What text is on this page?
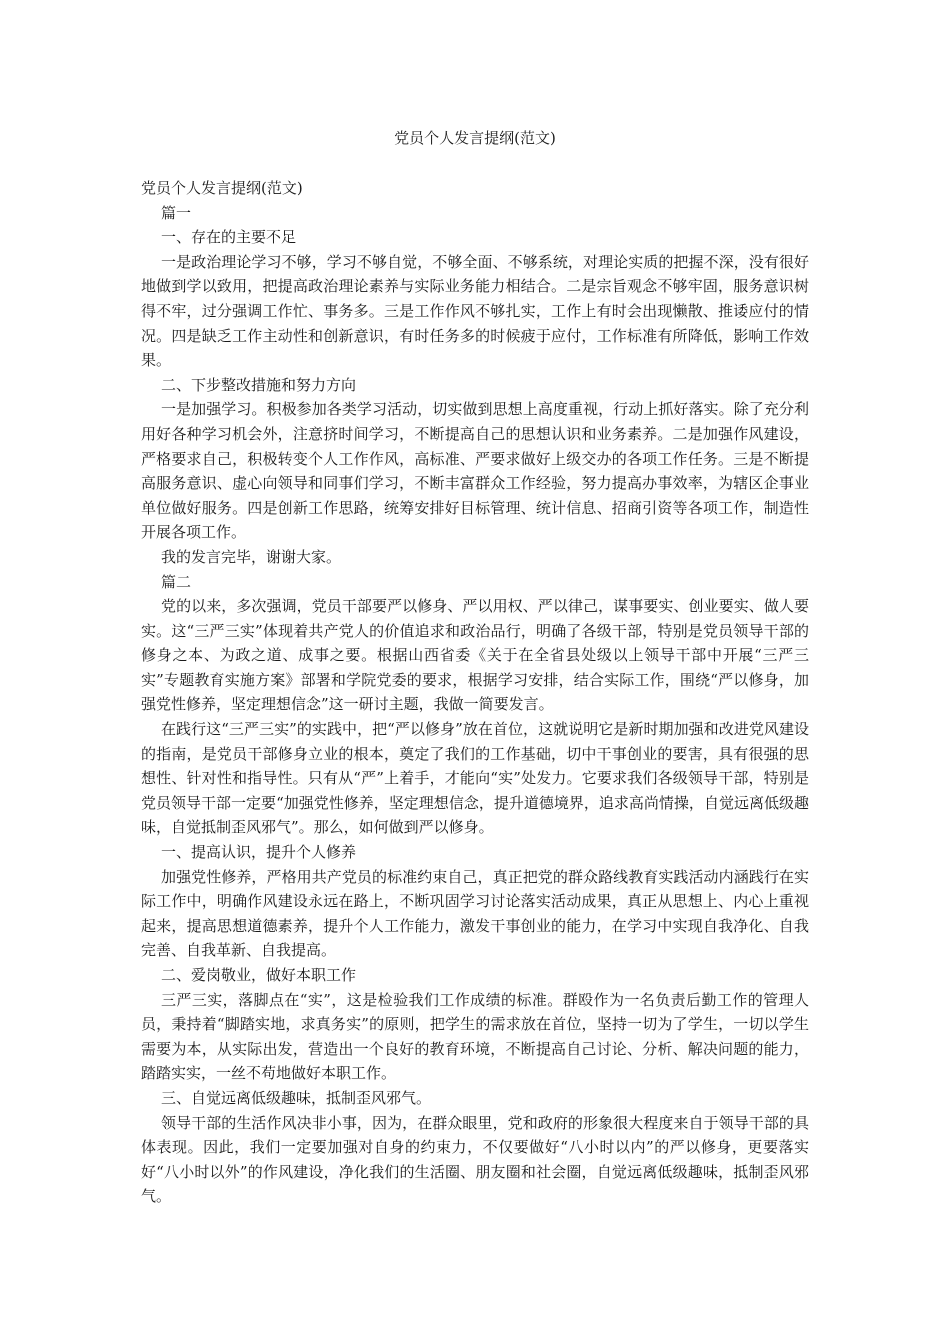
党员个人发言提纲(范文)

党员个人发言提纲(范文)

篇一

一、存在的主要不足

一是政治理论学习不够，学习不够自觉，不够全面、不够系统，对理论实质的把握不深，没有很好地做到学以致用，把提高政治理论素养与实际业务能力相结合。二是宗旨观念不够牢固，服务意识树得不牢，过分强调工作忙、事务多。三是工作作风不够扎实，工作上有时会出现懒散、推诿应付的情况。四是缺乏工作主动性和创新意识，有时任务多的时候疲于应付，工作标准有所降低，影响工作效果。

二、下步整改措施和努力方向

一是加强学习。积极参加各类学习活动，切实做到思想上高度重视，行动上抓好落实。除了充分利用好各种学习机会外，注意挤时间学习，不断提高自己的思想认识和业务素养。二是加强作风建设，严格要求自己，积极转变个人工作作风，高标准、严要求做好上级交办的各项工作任务。三是不断提高服务意识、虚心向领导和同事们学习，不断丰富群众工作经验，努力提高办事效率，为辖区企事业单位做好服务。四是创新工作思路，统筹安排好目标管理、统计信息、招商引资等各项工作，制造性开展各项工作。

我的发言完毕，谢谢大家。

篇二

党的以来，多次强调，党员干部要严以修身、严以用权、严以律己，谋事要实、创业要实、做人要实。这“三严三实”体现着共产党人的价值追求和政治品行，明确了各级干部，特别是党员领导干部的修身之本、为政之道、成事之要。根据山西省委《关于在全省县处级以上领导干部中开展“三严三实”专题教育实施方案》部署和学院党委的要求，根据学习安排，结合实际工作，围绕“严以修身，加强党性修养，坚定理想信念”这一研讨主题，我做一简要发言。

在践行这“三严三实”的实践中，把“严以修身”放在首位，这就说明它是新时期加强和改进党风建设的指南，是党员干部修身立业的根本，奠定了我们的工作基础，切中干事创业的要害，具有很强的思想性、针对性和指导性。只有从“严”上着手，才能向“实”处发力。它要求我们各级领导干部，特别是党员领导干部一定要“加强党性修养，坚定理想信念，提升道德境界，追求高尚情操，自觉远离低级趣味，自觉抵制歪风邪气”。那么，如何做到严以修身。

一、提高认识，提升个人修养

加强党性修养，严格用共产党员的标准约束自己，真正把党的群众路线教育实践活动内涵践行在实际工作中，明确作风建设永远在路上，不断巩固学习讨论落实活动成果，真正从思想上、内心上重视起来，提高思想道德素养，提升个人工作能力，激发干事创业的能力，在学习中实现自我净化、自我完善、自我革新、自我提高。

二、爱岗敬业，做好本职工作

三严三实，落脚点在“实”，这是检验我们工作成绩的标准。群殴作为一名负责后勤工作的管理人员，秉持着“脚踏实地，求真务实”的原则，把学生的需求放在首位，坚持一切为了学生，一切以学生需要为本，从实际出发，营造出一个良好的教育环境，不断提高自己讨论、分析、解决问题的能力，踏踏实实，一丝不苟地做好本职工作。

三、自觉远离低级趣味，抵制歪风邪气。

领导干部的生活作风决非小事，因为，在群众眼里，党和政府的形象很大程度来自于领导干部的具体表现。因此，我们一定要加强对自身的约束力，不仅要做好“八小时以内”的严以修身，更要落实好“八小时以外”的作风建设，净化我们的生活圈、朋友圈和社会圈，自觉远离低级趣味，抵制歪风邪气。
